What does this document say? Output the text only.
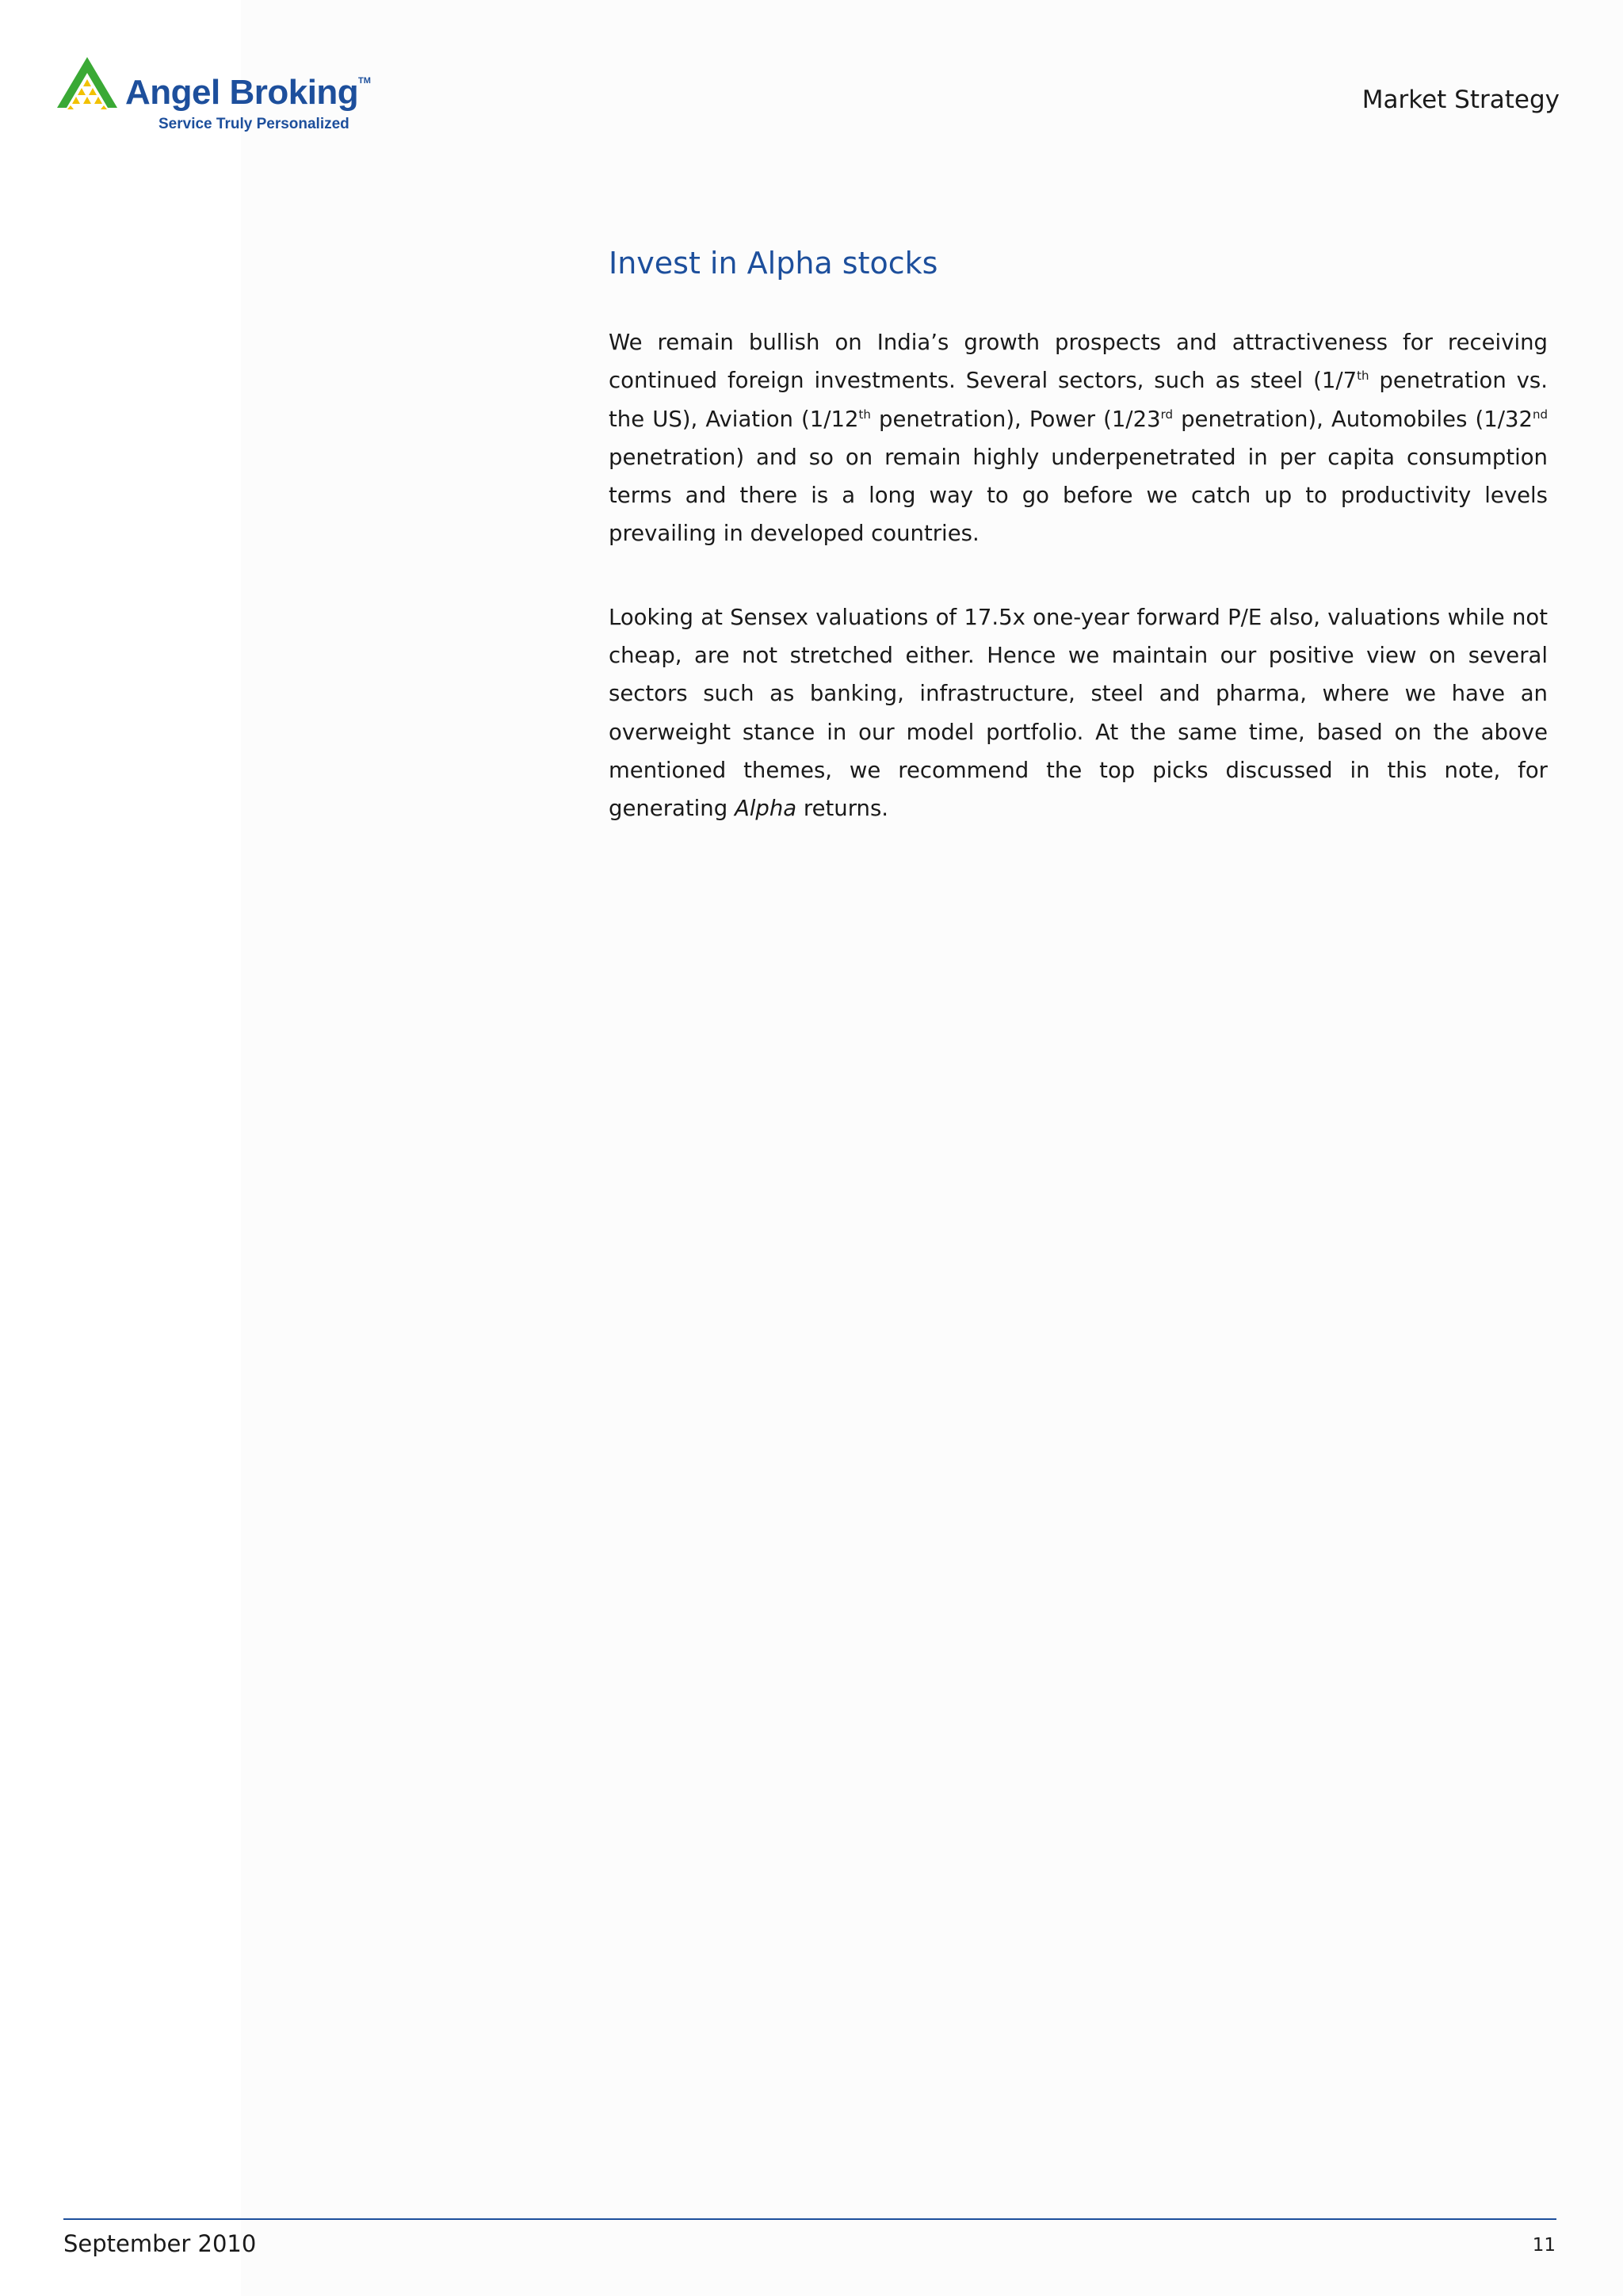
Angel Broking TM
Service Truly Personalized
Market Strategy
Invest in Alpha stocks

We remain bullish on India’s growth prospects and attractiveness for receiving continued foreign investments. Several sectors, such as steel (1/7th penetration vs. the US), Aviation (1/12th penetration), Power (1/23rd penetration), Automobiles (1/32nd penetration) and so on remain highly underpenetrated in per capita consumption terms and there is a long way to go before we catch up to productivity levels prevailing in developed countries.

Looking at Sensex valuations of 17.5x one-year forward P/E also, valuations while not cheap, are not stretched either. Hence we maintain our positive view on several sectors such as banking, infrastructure, steel and pharma, where we have an overweight stance in our model portfolio. At the same time, based on the above mentioned themes, we recommend the top picks discussed in this note, for generating Alpha returns.

September 2010	11
